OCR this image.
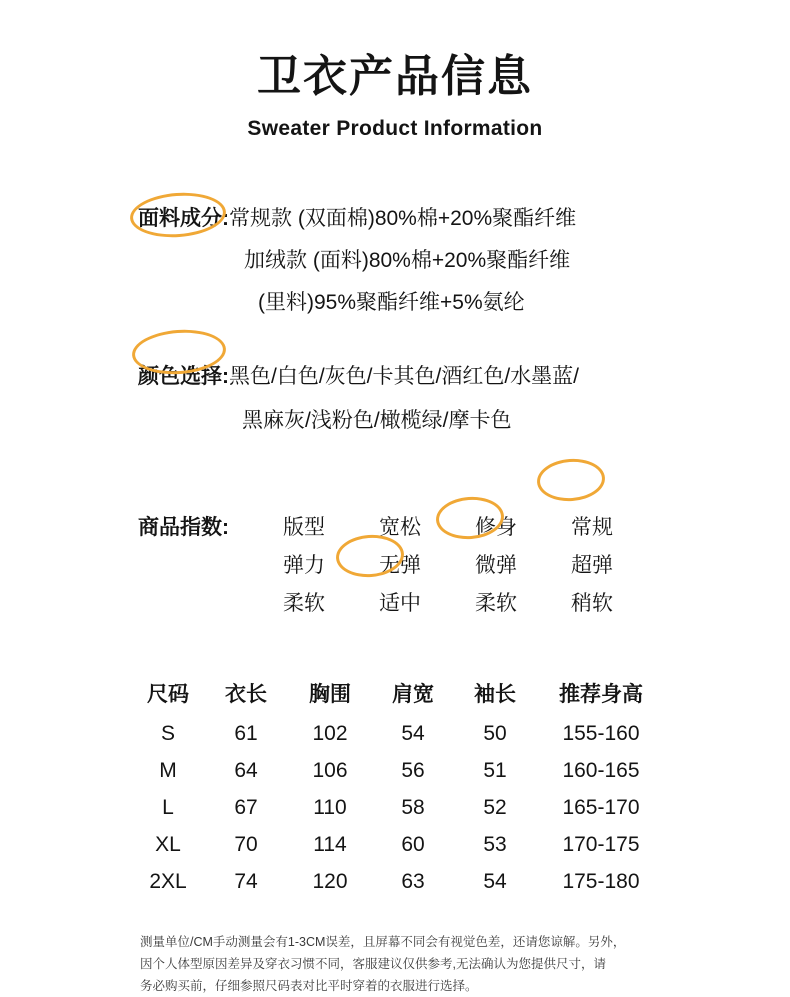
卫衣产品信息
Sweater Product Information
面料成分: 常规款 (双面棉)80%棉+20%聚酯纤维
加绒款 (面料)80%棉+20%聚酯纤维
(里料)95%聚酯纤维+5%氨纶
颜色选择: 黑色/白色/灰色/卡其色/酒红色/水墨蓝/
黑麻灰/浅粉色/橄榄绿/摩卡色
商品指数:	版型	宽松	修身	常规
弹力	无弹	微弹	超弹
柔软	适中	柔软	稍软
尺码	衣长	胸围	肩宽	袖长	推荐身高
S	61	102	54	50	155-160
M	64	106	56	51	160-165
L	67	110	58	52	165-170
XL	70	114	60	53	170-175
2XL	74	120	63	54	175-180

测量单位/CM手动测量会有1-3CM误差，且屏幕不同会有视觉色差，还请您谅解。另外，

因个人体型原因差异及穿衣习惯不同，客服建议仅供参考,无法确认为您提供尺寸，请

务必购买前，仔细参照尺码表对比平时穿着的衣服进行选择。
